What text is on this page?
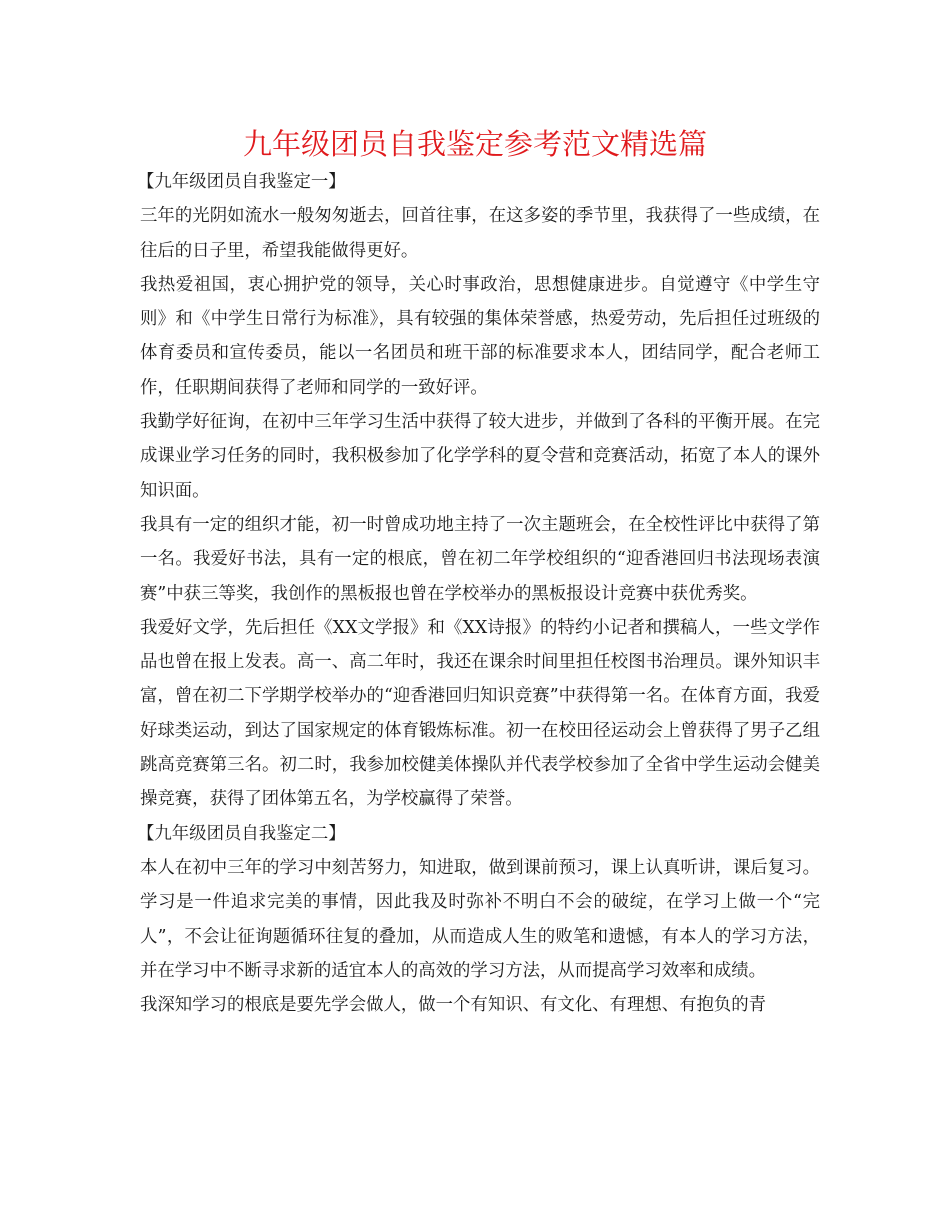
九年级团员自我鉴定参考范文精选篇

【九年级团员自我鉴定一】

三年的光阴如流水一般匆匆逝去，回首往事，在这多姿的季节里，我获得了一些成绩，在往后的日子里，希望我能做得更好。

我热爱祖国，衷心拥护党的领导，关心时事政治，思想健康进步。自觉遵守《中学生守则》和《中学生日常行为标准》，具有较强的集体荣誉感，热爱劳动，先后担任过班级的体育委员和宣传委员，能以一名团员和班干部的标准要求本人，团结同学，配合老师工作，任职期间获得了老师和同学的一致好评。

我勤学好征询，在初中三年学习生活中获得了较大进步，并做到了各科的平衡开展。在完成课业学习任务的同时，我积极参加了化学学科的夏令营和竞赛活动，拓宽了本人的课外知识面。

我具有一定的组织才能，初一时曾成功地主持了一次主题班会，在全校性评比中获得了第一名。我爱好书法，具有一定的根底，曾在初二年学校组织的“迎香港回归书法现场表演赛”中获三等奖，我创作的黑板报也曾在学校举办的黑板报设计竞赛中获优秀奖。

我爱好文学，先后担任《XX文学报》和《XX诗报》的特约小记者和撰稿人，一些文学作品也曾在报上发表。高一、高二年时，我还在课余时间里担任校图书治理员。课外知识丰富，曾在初二下学期学校举办的“迎香港回归知识竞赛”中获得第一名。在体育方面，我爱好球类运动，到达了国家规定的体育锻炼标准。初一在校田径运动会上曾获得了男子乙组跳高竞赛第三名。初二时，我参加校健美体操队并代表学校参加了全省中学生运动会健美操竞赛，获得了团体第五名，为学校赢得了荣誉。

【九年级团员自我鉴定二】

本人在初中三年的学习中刻苦努力，知进取，做到课前预习，课上认真听讲，课后复习。学习是一件追求完美的事情，因此我及时弥补不明白不会的破绽，在学习上做一个“完人”，不会让征询题循环往复的叠加，从而造成人生的败笔和遗憾，有本人的学习方法，并在学习中不断寻求新的适宜本人的高效的学习方法，从而提高学习效率和成绩。

我深知学习的根底是要先学会做人，做一个有知识、有文化、有理想、有抱负的青
